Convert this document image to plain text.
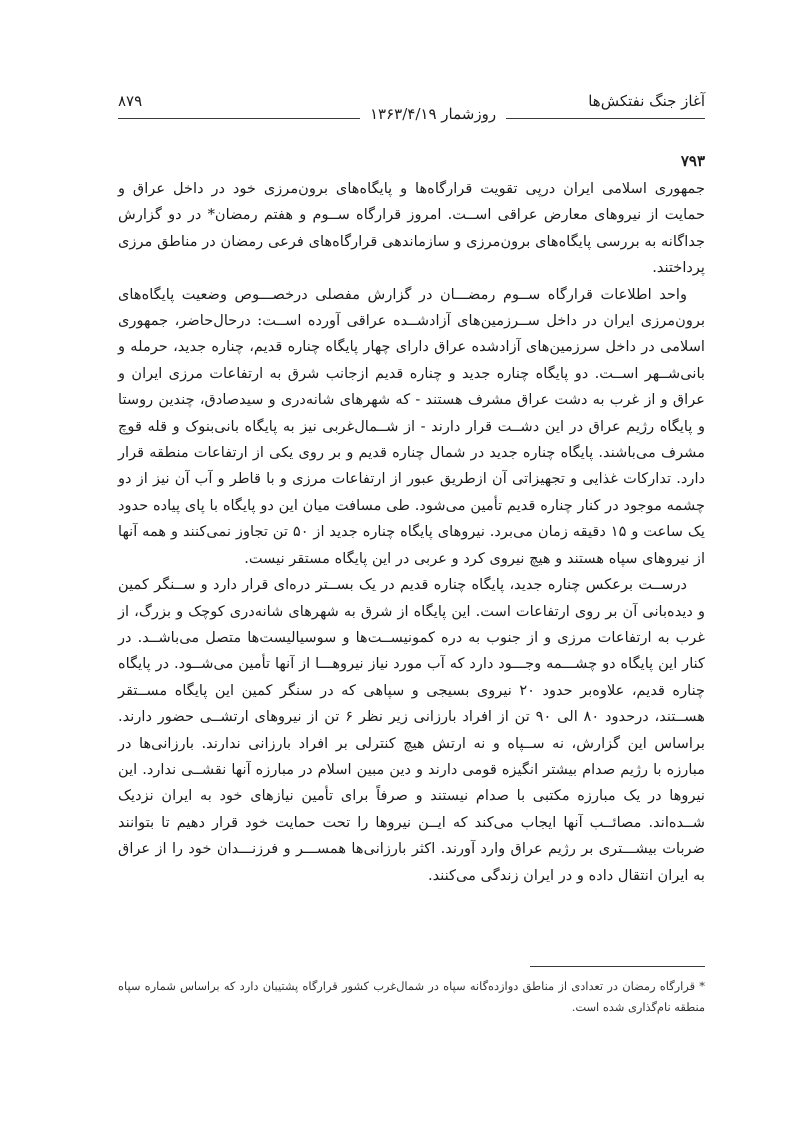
آغاز جنگ نفتکش‌ها
۸۷۹
روزشمار ۱۳۶۳/۴/۱۹
۷۹۳

جمهوری اسلامی ایران درپی تقویت قرارگاه‌ها و پایگاه‌های برون‌مرزی خود در داخل عراق و حمایت از نیروهای معارض عراقی اســت. امروز قرارگاه ســوم و هفتم رمضان* در دو گزارش جداگانه به بررسی پایگاه‌های برون‌مرزی و سازماندهی قرارگاه‌های فرعی رمضان در مناطق مرزی پرداختند.

واحد اطلاعات قرارگاه ســوم رمضـــان در گزارش مفصلی درخصـــوص وضعیت پایگاه‌های برون‌مرزی ایران در داخل ســرزمین‌های آزادشــده عراقی آورده اســت: درحال‌حاضر، جمهوری اسلامی در داخل سرزمین‌های آزادشده عراق دارای چهار پایگاه چناره قدیم، چناره جدید، حرمله و بانی‌شــهر اســت. دو پایگاه چناره جدید و چناره قدیم ازجانب شرق به ارتفاعات مرزی ایران و عراق و از غرب به دشت عراق مشرف هستند - که شهرهای شانه‌دری و سیدصادق، چندین روستا و پایگاه رژیم عراق در این دشــت قرار دارند - از شــمال‌غربی نیز به پایگاه بانی‌بنوک و قله قوچ مشرف می‌باشند. پایگاه چناره جدید در شمال چناره قدیم و بر روی یکی از ارتفاعات منطقه قرار دارد. تدارکات غذایی و تجهیزاتی آن ازطریق عبور از ارتفاعات مرزی و با قاطر و آب آن نیز از دو چشمه موجود در کنار چناره قدیم تأمین می‌شود. طی مسافت میان این دو پایگاه با پای پیاده حدود یک ساعت و ۱۵ دقیقه زمان می‌برد. نیروهای پایگاه چناره جدید از ۵۰ تن تجاوز نمی‌کنند و همه آنها از نیروهای سپاه هستند و هیچ نیروی کرد و عربی در این پایگاه مستقر نیست.

درســت برعکس چناره جدید، پایگاه چناره قدیم در یک بســتر دره‌ای قرار دارد و ســنگر کمین و دیده‌بانی آن بر روی ارتفاعات است. این پایگاه از شرق به شهرهای شانه‌دری کوچک و بزرگ، از غرب به ارتفاعات مرزی و از جنوب به دره کمونیســت‌ها و سوسیالیست‌ها متصل می‌باشــد. در کنار این پایگاه دو چشـــمه وجـــود دارد که آب مورد نیاز نیروهـــا از آنها تأمین می‌شــود. در پایگاه چناره قدیم، علاوه‌بر حدود ۲۰ نیروی بسیجی و سپاهی که در سنگر کمین این پایگاه مســتقر هســتند، درحدود ۸۰ الی ۹۰ تن از افراد بارزانی زیر نظر ۶ تن از نیروهای ارتشــی حضور دارند. براساس این گزارش، نه ســپاه و نه ارتش هیچ کنترلی بر افراد بارزانی ندارند. بارزانی‌ها در مبارزه با رژیم صدام بیشتر انگیزه قومی دارند و دین مبین اسلام در مبارزه آنها نقشــی ندارد. این نیروها در یک مبارزه مکتبی با صدام نیستند و صرفاً برای تأمین نیازهای خود به ایران نزدیک شــده‌اند. مصائــب آنها ایجاب می‌کند که ایــن نیروها را تحت حمایت خود قرار دهیم تا بتوانند ضربات بیشـــتری بر رژیم عراق وارد آورند. اکثر بارزانی‌ها همســـر و فرزنـــدان خود را از عراق به ایران انتقال داده و در ایران زندگی می‌کنند.

* قرارگاه رمضان در تعدادی از مناطق دوازده‌گانه سپاه در شمال‌غرب کشور قرارگاه پشتیبان دارد که براساس شماره سپاه منطقه نام‌گذاری شده است.
